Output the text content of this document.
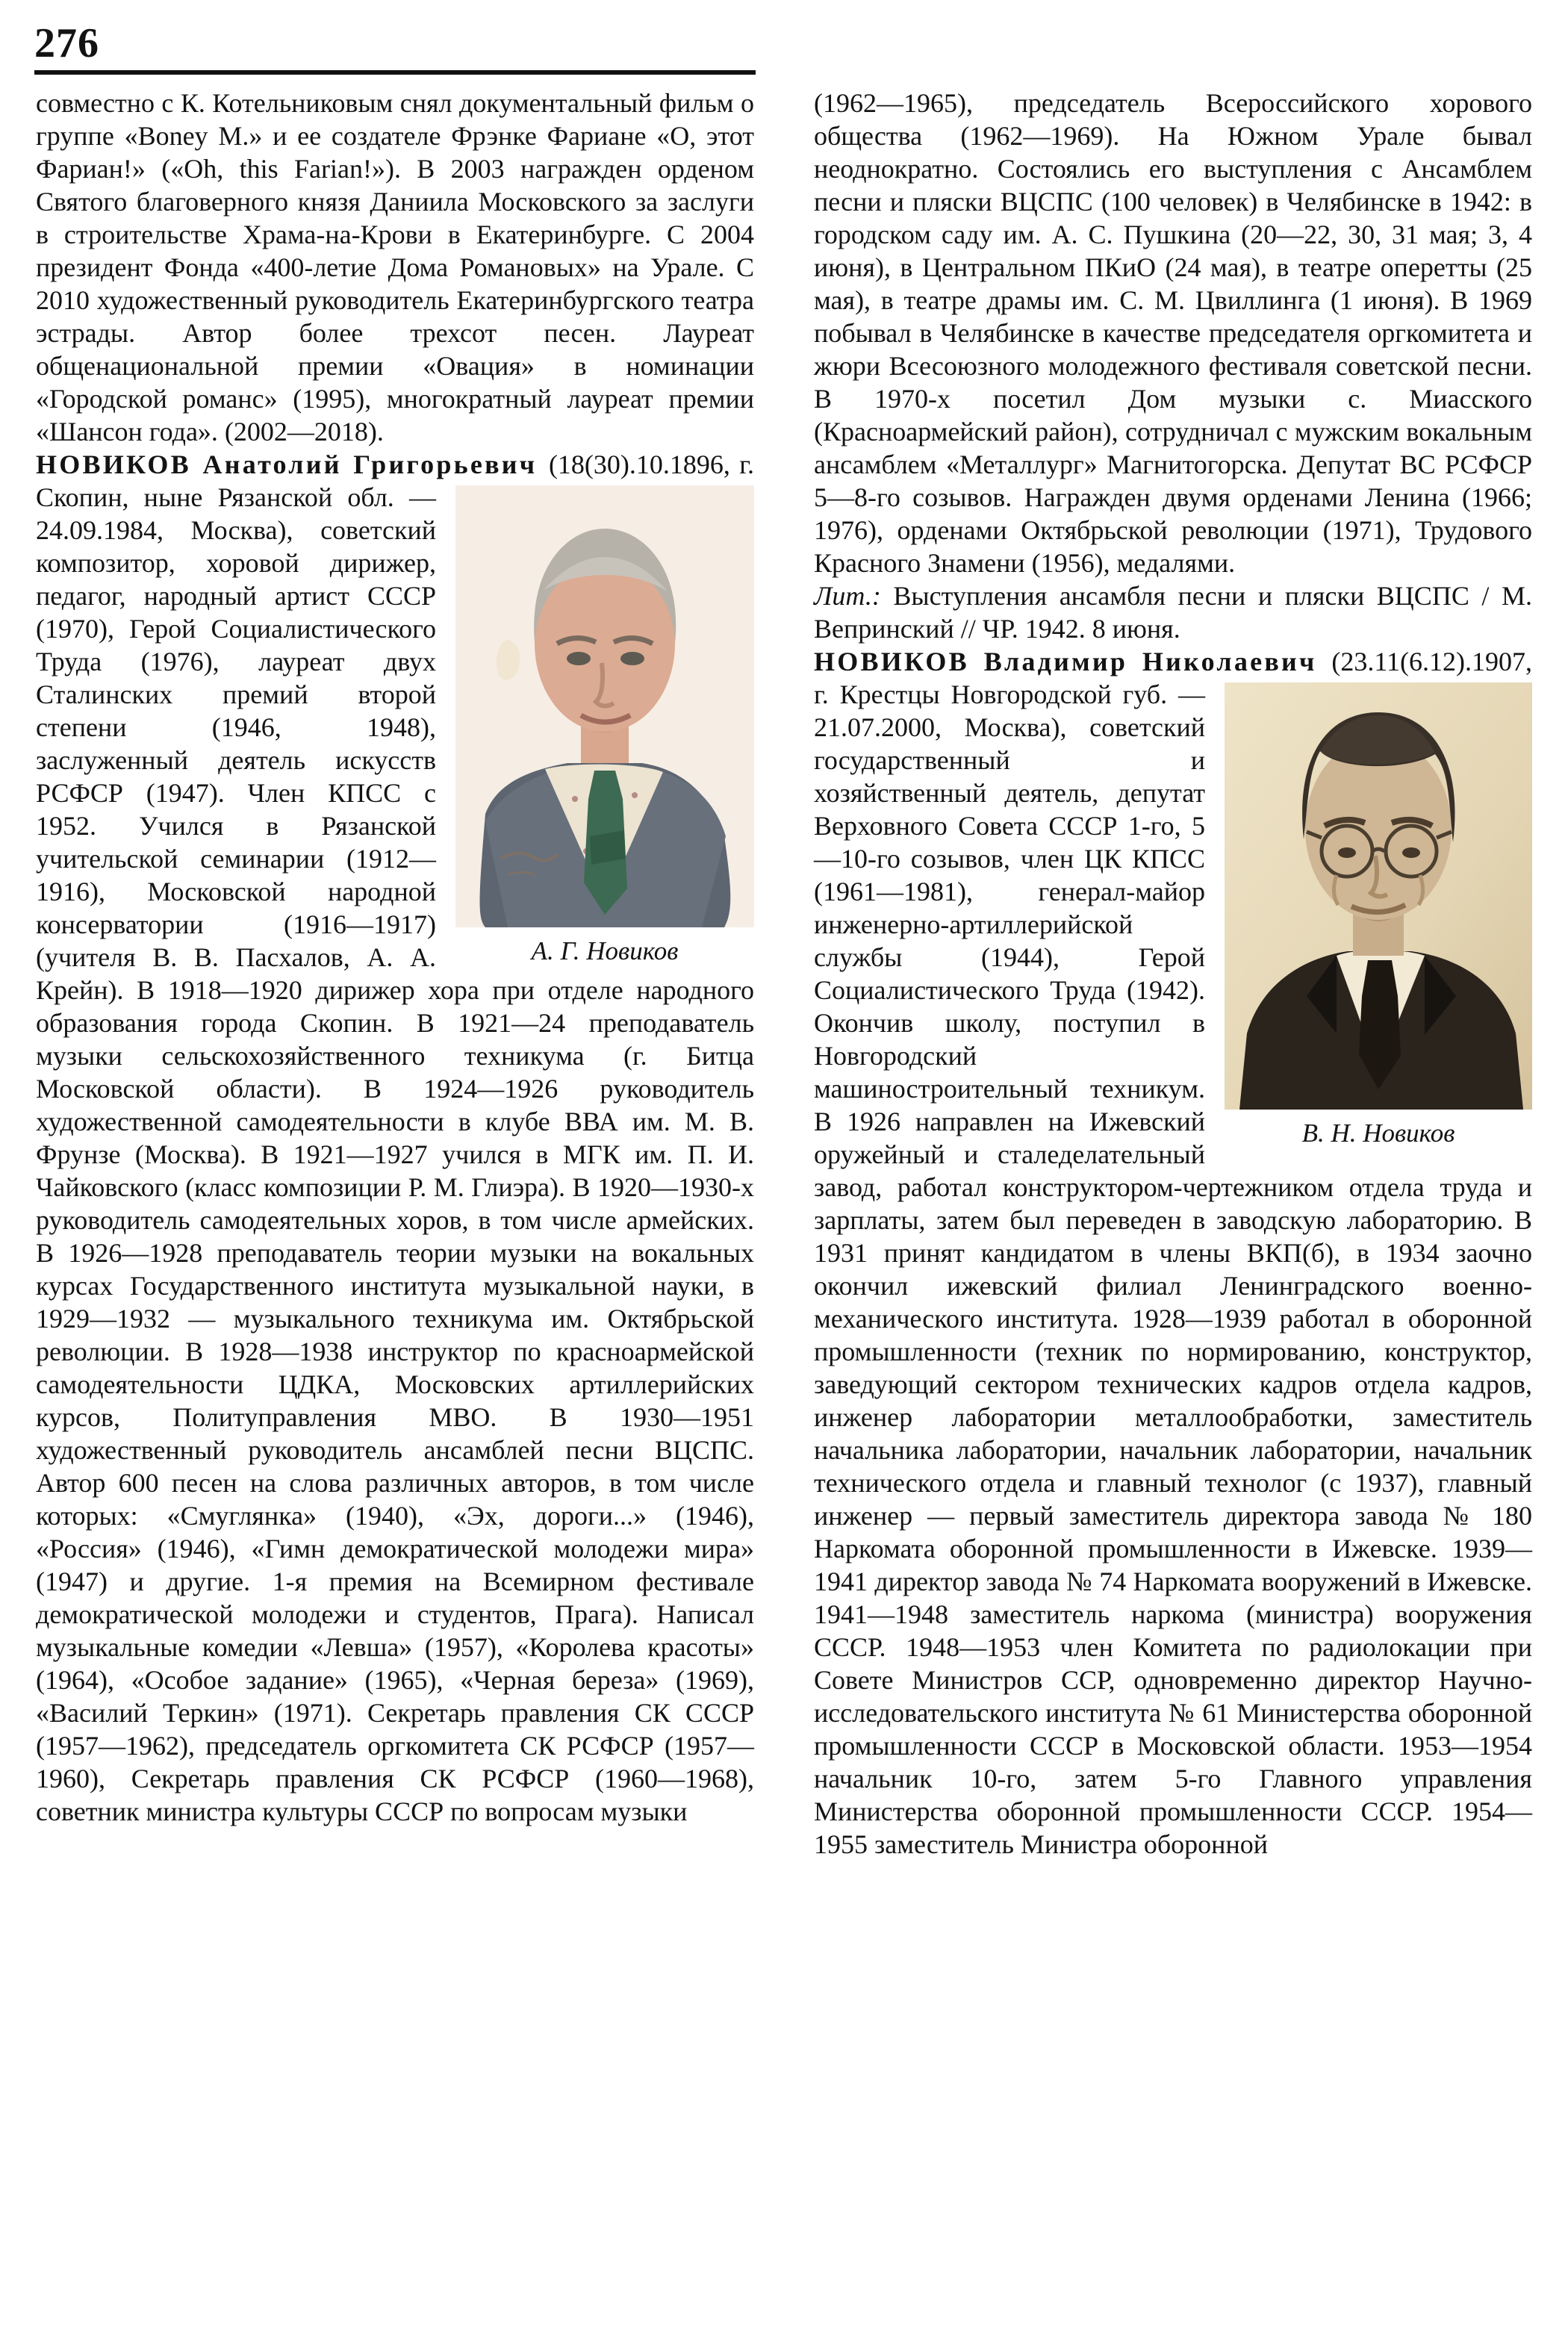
276

совместно с К. Котельниковым снял документальный фильм о группе «Boney M.» и ее создателе Фрэнке Фариане «О, этот Фариан!» («Oh, this Farian!»). В 2003 награжден орденом Святого благоверного князя Даниила Московского за заслуги в строительстве Храма-на-Крови в Екатеринбурге. С 2004 президент Фонда «400-летие Дома Романовых» на Урале. С 2010 художественный руководитель Екатеринбургского театра эстрады. Автор более трехсот песен. Лауреат общенациональной премии «Овация» в номинации «Городской романс» (1995), многократный лауреат премии «Шансон года». (2002—2018).

НОВИКОВ Анатолий Григорьевич (18(30).10.1896, г. Скопин, ныне Рязанской
А. Г. Новиков
обл. — 24.09.1984, Москва), советский композитор, хоровой дирижер, педагог, народный артист СССР (1970), Герой Социалистического Труда (1976), лауреат двух Сталинских премий второй степени (1946, 1948), заслуженный деятель искусств РСФСР (1947). Член КПСС с 1952. Учился в Рязанской учительской семинарии (1912—1916), Московской народной консерватории (1916—1917) (учителя В. В. Пасхалов, А. А. Крейн). В 1918—1920 дирижер хора при отделе народного образования города Скопин. В 1921—24 преподаватель музыки сельскохозяйственного техникума (г. Битца Московской области). В 1924—1926 руководитель художественной самодеятельности в клубе ВВА им. М. В. Фрунзе (Москва). В 1921—1927 учился в МГК им. П. И. Чайковского (класс композиции Р. М. Глиэра). В 1920—1930-х руководитель самодеятельных хоров, в том числе армейских. В 1926—1928 преподаватель теории музыки на вокальных курсах Государственного института музыкальной науки, в 1929—1932 — музыкального техникума им. Октябрьской революции. В 1928—1938 инструктор по красноармейской самодеятельности ЦДКА, Московских артиллерийских курсов, Политуправления МВО. В 1930—1951 художественный руководитель ансамблей песни ВЦСПС. Автор 600 песен на слова различных авторов, в том числе которых: «Смуглянка» (1940), «Эх, дороги...» (1946), «Россия» (1946), «Гимн демократической молодежи мира» (1947) и другие. 1-я премия на Всемирном фестивале демократической молодежи и студентов, Прага). Написал музыкальные комедии «Левша» (1957), «Королева красоты» (1964), «Особое задание» (1965), «Черная береза» (1969), «Василий Теркин» (1971). Секретарь правления СК СССР (1957—1962), председатель оргкомитета СК РСФСР (1957—1960), Секретарь правления СК РСФСР (1960—1968), советник министра культуры СССР по вопросам музыки

(1962—1965), председатель Всероссийского хорового общества (1962—1969). На Южном Урале бывал неоднократно. Состоялись его выступления с Ансамблем песни и пляски ВЦСПС (100 человек) в Челябинске в 1942: в городском саду им. А. С. Пушкина (20—22, 30, 31 мая; 3, 4 июня), в Центральном ПКиО (24 мая), в театре оперетты (25 мая), в театре драмы им. С. М. Цвиллинга (1 июня). В 1969 побывал в Челябинске в качестве председателя оргкомитета и жюри Всесоюзного молодежного фестиваля советской песни. В 1970-х посетил Дом музыки с. Миасского (Красноармейский район), сотрудничал с мужским вокальным ансамблем «Металлург» Магнитогорска. Депутат ВС РСФСР 5—8-го созывов. Награжден двумя орденами Ленина (1966; 1976), орденами Октябрьской революции (1971), Трудового Красного Знамени (1956), медалями.

Лит.: Выступления ансамбля песни и пляски ВЦСПС / М. Вепринский // ЧР. 1942. 8 июня.

НОВИКОВ Владимир Николаевич (23.11(6.12).1907, г. Крестцы Новгородской
В. Н. Новиков
губ. — 21.07.2000, Москва), советский государственный и хозяйственный деятель, депутат Верховного Совета СССР 1-го, 5—10-го созывов, член ЦК КПСС (1961—1981), генерал-майор инженерно-артиллерийской службы (1944), Герой Социалистического Труда (1942). Окончив школу, поступил в Новгородский машиностроительный техникум. В 1926 направлен на Ижевский оружейный и сталеделательный завод, работал конструктором-чертежником отдела труда и зарплаты, затем был переведен в заводскую лабораторию. В 1931 принят кандидатом в члены ВКП(б), в 1934 заочно окончил ижевский филиал Ленинградского военно-механического института. 1928—1939 работал в оборонной промышленности (техник по нормированию, конструктор, заведующий сектором технических кадров отдела кадров, инженер лаборатории металлообработки, заместитель начальника лаборатории, начальник лаборатории, начальник технического отдела и главный технолог (с 1937), главный инженер — первый заместитель директора завода № 180 Наркомата оборонной промышленности в Ижевске. 1939—1941 директор завода № 74 Наркомата вооружений в Ижевске. 1941—1948 заместитель наркома (министра) вооружения СССР. 1948—1953 член Комитета по радиолокации при Совете Министров ССР, одновременно директор Научно-исследовательского института № 61 Министерства оборонной промышленности СССР в Московской области. 1953—1954 начальник 10-го, затем 5-го Главного управления Министерства оборонной промышленности СССР. 1954—1955 заместитель Министра оборонной
